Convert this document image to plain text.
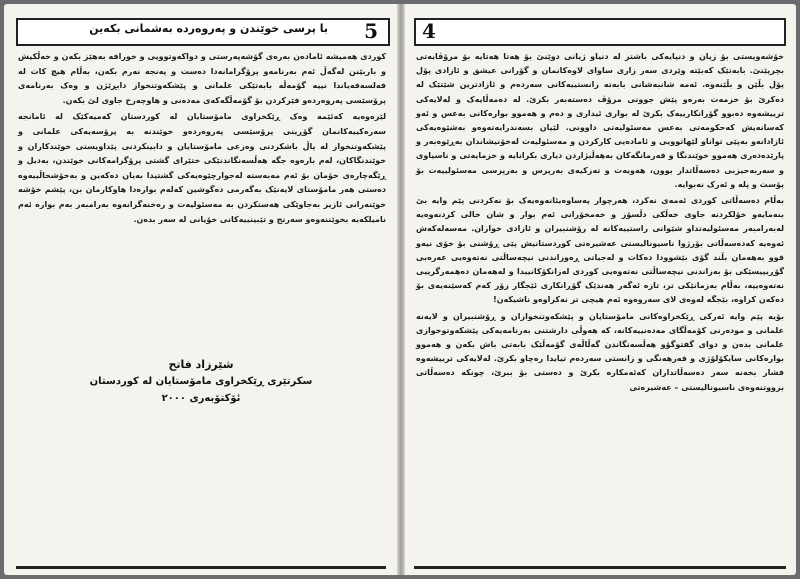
5
با پرسی خوێندن و پەروەردە بەشمانی بکەین

کوردی هەمیشە ئامادەن بەرەی گۆشەپەرستی و دواکەوتوویی و خورافە بەهێز بکەن و خەڵکیش و باربێنن لەگەڵ ئەم بەرنامەو پرۆگرامانەدا دەست و پەنجە نەرم بکەن، بەڵام هیچ کات لە فەلسەفەیاندا نییە گۆمەڵە بابەتێکی علمانی و پێشکەوتنخواز دابڕێژن و وەک بەرنامەی پرۆسێسی پەروەردەو فێرکردن بۆ گۆمەڵگەکەی مەدەنی و هاوچەرخ جاوی لێ بکەن.

لێرەوەیە کەئێمە وەک ڕێکخراوی مامۆستایان لە کوردستان کەمیەکێک لە ئامانجە سەرەکییەکانمان گۆڕینی پرۆسێسی پەروەردەو خوێندنە بە پرۆسەیەکی علمانی و پێشکەوتنخواز لە پاڵ باشکردنی وەزعی مامۆستایان و دابینکردنی پێداویستی خوێندکاران و خوێندنگاکان، لەم بارەوە جگە هەڵسەنگاندنێکی ختێرای گشتی پرۆگرامەکانی خوێندن، بەدیل و ڕێگەچارەی خۆمان بۆ ئەم مەبەستە لەجوارچێوەیەکی گشتیدا بەیان دەکەین و بەخۆشحاڵییەوە دەستی هەر مامۆستای لایەنێک بەگەرمی دەگوشین کەلەم بوارەدا هاوکارمان بن، پێشم خۆشە خوێنەرانی ئازیز بەجاوێکی هەستکردن بە مەسئولیەت و رەخنەگرانەوە بەرامبەر بەم بوارە ئەم نامیلکەیە بخوێننەوەو سەرنج و تێبینییەکانی خۆیانی لە سەر بدەن.

شێرزاد فاتح
سکرتێری ڕێکخراوی مامۆستایان لە کوردستان
ئۆکتۆبەری ٢٠٠٠
4

خۆشەویستی بۆ زیان و دنیایەکی باشتر لە دنیاو ژیانی دوێنێ بۆ هەتا هەتایە بۆ مرۆڤایەتی بچرپێنێ. بابەتێک کەبێتە وێردی سەر زاری ساوای لاوەکانمان و گۆرانی عیشق و ئازادی پۆل پۆل بڵێن و بڵێنەوە. ئەمە شانبەشانی بابەتە زانستییەکانی سەردەم و ئازادترین شێتێک لە دەکرێ بۆ خزمەت بەرەو پێش جوونی مرۆڤ دەستەبەر بکرێ. لە دەمەڵایەک و لەلایەکی ترییشەوە دەبوو گۆرانکارییەک بکرێ لە بواری ئیداری و دەم و هەموو بوارەکانی بەعس و ئەو کەسانەیش کەحکومەتی بەعس مەسئولیەتی داوونی. لێیان بسەندرایەتەوەو بەشێوەیەکی ئازادانەو بەپێی تواناو لێهاتوویی و ئامادەیی کارکردن و مەسئولیەت لەخۆنیشاندان بەڕێوەبەر و پارێدەدەری هەموو خوێندنگا و فەرمانگەکان بەهەڵبژاردن دیاری بکرانایە و خزمایەتی و ناسیاوی و سەربەحیزبی دەسەڵاتدار بوون، هەویەت و تەزکیەی بەرپرس و بەرپرسی مەسئولییەت بۆ پۆست و پلە و ئەرک نەبوایە.

بەڵام دەسەڵاتی کوردی ئەمەی نەکرد، هەرچوار پەساوەیئانەوەیەک بۆ نەکردنی پێم وایە بێ بنەمایەو خۆلکردنە جاوی خەڵکی دڵسۆز و خەمخۆرانی ئەم بوار و شان خالی کردنەوەیە لەبەرامبەر مەسئولیەتداو شێوانی راستییەکانە لە رۆشنبیران و ئازادی خوازان. مەسەلەکەش ئەوەیە کەدەسەڵاتی بۆرژوا ناسیونالیستی عەشیرەتی کوردستانیش پێی ڕۆشنی بۆ خۆی نیەو فوو بەهەمان بڵند گۆی بێشوودا دەکات و لەجیاتی ڕەوزاندنی نیچەساڵتی نەتەوەیی عەرەبی گۆڕیپیسێکی بۆ بەزاندنی نیچەساڵتی نەتەوەیی کوردی لەزانکۆکانییدا و لەهەمان دەهمەرگرییی نەتەوەییە، بەڵام بەزمانێکی تر، تازه ئەگەر هەندێک گۆڕانکاری ئێجگار زۆر کەم کەسێنەیەی بۆ دەکەن کراوە، بێجگە لەوەی لای سەروەوە ئەم هیچی تر نەکراوەو ناشیکەن!

بۆیە پێم وایە ئەرکی ڕێکخراوەکانی مامۆستایان و پێشکەوتنخوازان و ڕۆشنبیران و لایەنە علمانی و مودەرنی کۆمەڵگای مەدەنییەکانە، کە هەوڵی دارشتنی بەرنامەیەکی پێشکەوتوخوازی علمانی بدەن و دوای گفتوگۆو هەڵسەنگاندن گەڵاڵەی گۆمەڵێک بابەتی باش بکەن و هەموو بوارەکانی سایکۆلۆژی و فەرهەنگی و زانستی سەردەم تیایدا رەچاو بکرێ. لەلایەکی ترییشەوە فشار بخەنە سەر دەسەڵاتداران کەئەمکارە بکرێ و دەستی بۆ ببرێ، چونکە دەسەڵاتی بزووتنەوەی ناسیونالیستی – عەشیرەتی
